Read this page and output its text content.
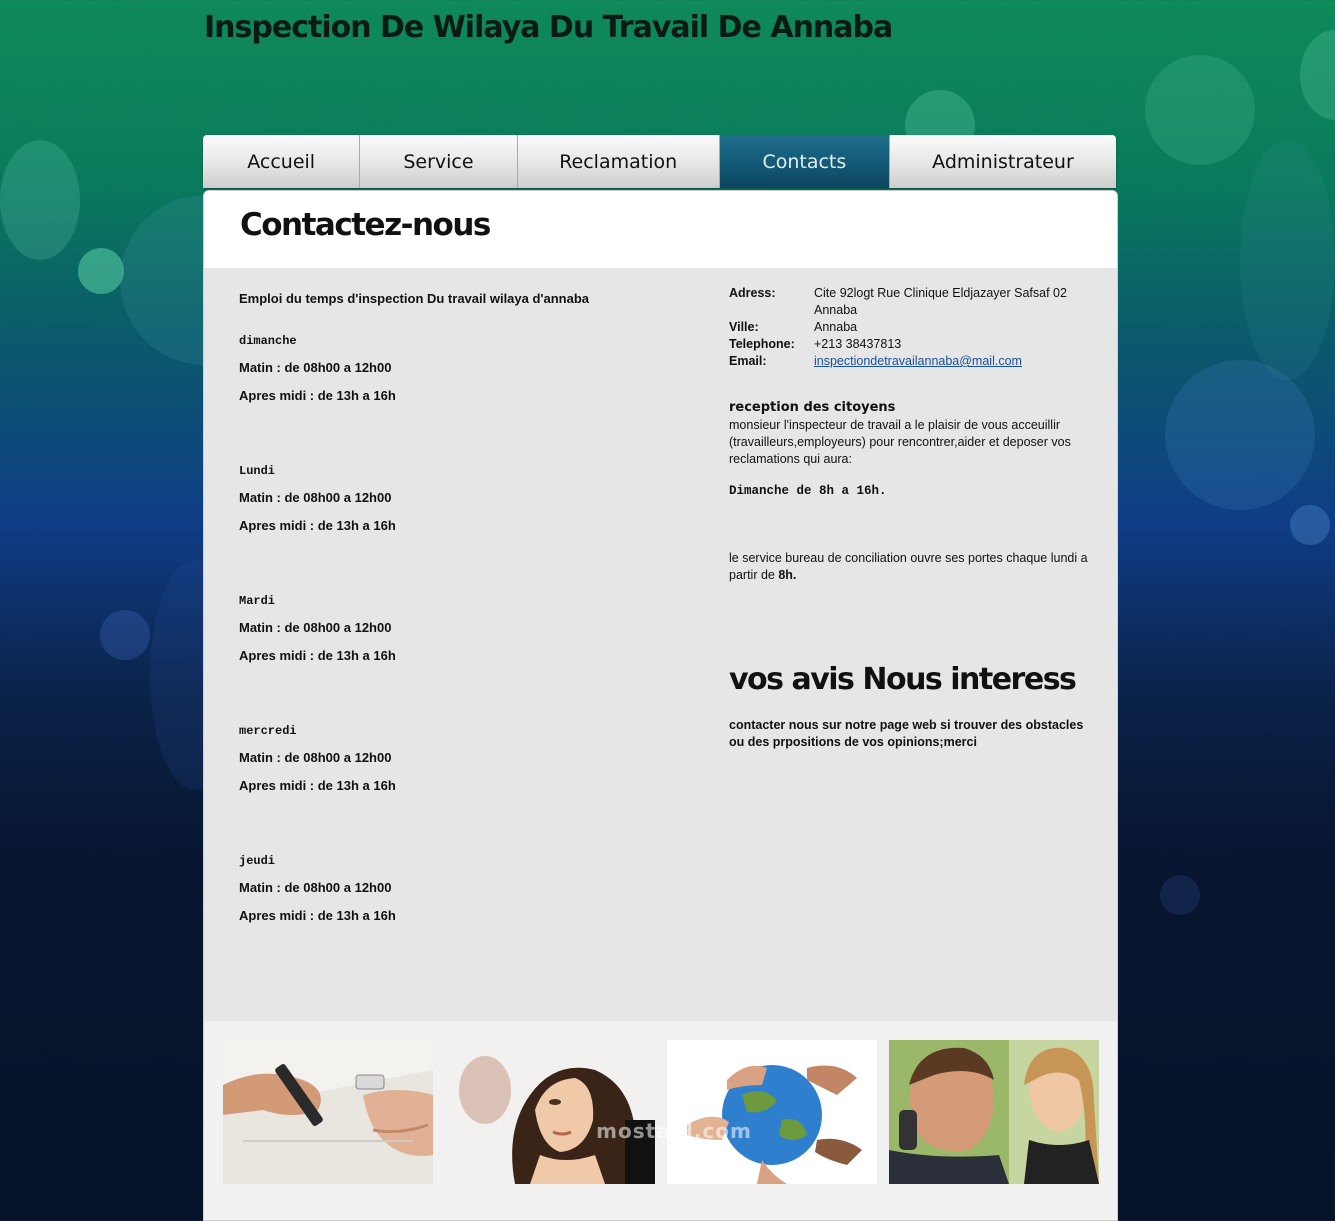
Inspection De Wilaya Du Travail De Annaba
Accueil	Service	Reclamation	Contacts	Administrateur
Contactez-nous
Emploi du temps d'inspection Du travail wilaya d'annaba
dimanche
Matin : de 08h00 a 12h00
Apres midi : de 13h a 16h
Lundi
Matin : de 08h00 a 12h00
Apres midi : de 13h a 16h
Mardi
Matin : de 08h00 a 12h00
Apres midi : de 13h a 16h
mercredi
Matin : de 08h00 a 12h00
Apres midi : de 13h a 16h
jeudi
Matin : de 08h00 a 12h00
Apres midi : de 13h a 16h
Adress:	Cite 92logt Rue Clinique Eldjazayer Safsaf 02 Annaba
Ville:	Annaba
Telephone:	+213 38437813
Email:	inspectiondetravailannaba@mail.com
reception des citoyens

monsieur l'inspecteur de travail a le plaisir de vous acceuillir (travailleurs,employeurs) pour rencontrer,aider et deposer vos reclamations qui aura:

Dimanche de 8h a 16h.

le service bureau de conciliation ouvre ses portes chaque lundi a partir de 8h.

vos avis Nous interess

contacter nous sur notre page web si trouver des obstacles ou des prpositions de vos opinions;merci

mostaql.com
